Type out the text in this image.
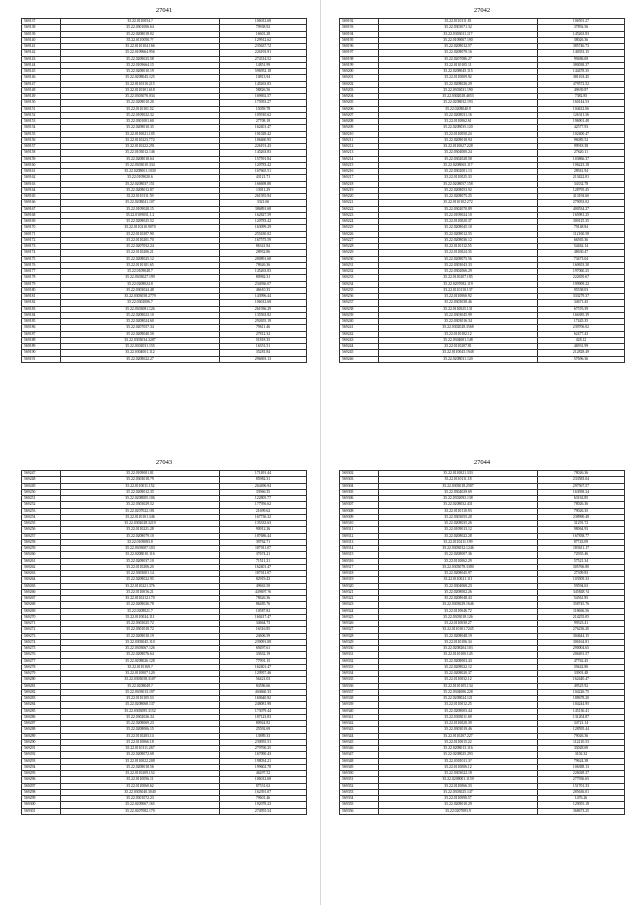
27041
569137	35.22.0110054.?	106012.68
569138	35.22.0301006.64	79938.92
569139	35.22.0208018.02	16601.28
569140	35.22.0110050.??	129912.62
569141	35.22.0110104.166	235637.72
569142	35.22.0109664.956	226193.91
569143	35.22.0208025.58	274314.52
569144	35.22.0109664.15	14851.99
569145	35.22.0208010.19	596952.18
569146	35.22.0208045.125	10813.94
569147	35.22.0110310.215	145263.83
569148	35.22.0110301.618	58826.56
569149	35.22.0303070.034	169692.57
569150	35.22.0208010.20	175953.27
569151	35.22.0110101.52	15059.78
569152	35.22.0109022.32	105910.62
569153	35.22.0301001.60	27708.18
569154	35.22.0208010.35	162401.47
569155	35.22.0110021.105	101028.42
569156	35.22.0110223.772	106460.95
569157	35.22.0110222.291	226191.43
569158	35.22.0103012.146	145263.83
569159	35.22.0208018.64	157591.84
569160	35.22.0303010.334	120783.42
569161	35.22.0208001.1030	167665.51
569162	35.22.0109020.6	43121.71
569163	35.22.0208037.151	166698.88
569164	35.22.0208012.87	13011.29
569165	35.22.0110111.59	261955.94
569166	35.22.0208041.107	3321.60
569167	35.22.0109028.15	386891.68
569168	35.22.0109031.1.2	162827.59
569169	35.22.0208025.52	120783.42
569170	35.22.0110210.9070	163099.29
569171	35.22.0110207.90	255430.02
569172	35.22.0110201.70	167575.59
569173	35.22.0207052.24	86341.84
569174	35.22.0110206.21	28952.86
569175	35.22.0208025.12	280891.68
569176	35.22.0110101.65	78626.36
569177	35.22.0109048.7	145263.83
569178	35.22.0303027.199	80982.31
569179	35.22.0208024.8	234936.07
569180	35.22.0303024.48	46610.35
569181	35.22.0303058.2779	143996.44
569182	35.22.0302006.7	106012.68
569183	35.22.0303081.126	261936.29
569184	35.22.0208023.10	135563.82
569185	35.22.0208024.60	292655.19
569186	35.22.0207057.34	79611.46
569187	35.22.0208040.50	27812.32
569188	35.22.0303034.3287	51818.35
569189	35.22.0302031.155	16351.51
569190	35.22.0304001.112	35281.84
569191	35.22.0208022.27	296693.13
27042
569192	35.22.0110111.81	106591.27
569193	35.22.0303071.32	37892.56
569194	35.22.0303011.117	145263.83
569195	35.22.0109007.190	38026.36
569196	35.22.0208012.57	385746.73
569197	35.22.0208078.16	140353.15
569198	35.22.0207086.27	99486.69
569199	35.22.0110105.11	380038.37
569200	35.22.0208045.115	144478.35
569201	35.22.0110009.92	381163.45
569202	35.22.0208026.29	479572.52
569203	35.22.0303031.190	49639.87
569204	35.22.0302028.4653	7382.85
569205	35.22.0208032.193	160144.53
569206	35.22.0208040.9	104612.06
569207	35.22.0208031.16	126311.56
569208	35.22.0110062.61	196901.48
569209	35.22.0208035.120	42577.93
569210	35.22.0110050.24	102400.47
569211	35.22.0208018.94	96085.52
569212	35.22.0110027.228	99918.38
569213	35.22.0304000.24	27620.11
569214	35.22.0302028.58	103866.37
569215	35.22.0208065.117	106223.18
569216	35.22.0302001.13	28941.94
569217	35.22.0110025.33	213422.81
569218	35.22.0208057.158	34332.78
569219	35.22.0208053.92	128795.45
569220	35.22.0208075.25	413194.60
569221	35.22.0110102.272	279053.02
569222	35.22.0302070.89	400534.27
569223	35.22.0109024.10	165981.25
569224	35.22.0110020.37	300125.35
569225	35.22.0208045.10	79148.84
569226	35.22.0208012.55	112160.58
569227	35.22.0208036.12	66565.36
569228	35.22.0110112.55	54462.14
569229	35.22.0110024.35	48630.47
569230	35.22.0208075.56	73473.04
569231	35.22.0303043.33	160653.30
569232	35.22.0302066.29	197060.25
569233	35.22.0110207.185	222659.67
569234	35.22.0207082.119	199909.22
569235	35.22.0110110.137	95538.03
569236	35.22.0110060.92	333279.37
569237	35.22.0303038.46	34671.45
569238	35.22.0110025.131	67576.39
569239	35.22.0303045.99	166385.39
569240	35.22.0303016.34	17445.35
569241	35.22.0302028.3568	239706.02
569242	35.22.0110102.12	62477.43
569243	35.22.0304001.148	428.12
569244	35.22.0110207.81	46931.99
569245	35.22.0110043.1948	212828.49
569246	35.22.0208031.120	57696.36
27043
569247	35.22.0109001.81	171491.44
569248	35.22.0303018.79	85982.31
569249	35.22.0110011.152	264496.94
569250	35.22.0208012.35	33966.35
569251	35.22.0208005.106	122805.77
569252	35.22.0303029.52	177956.62
569253	35.22.0207022.181	21699.62
569254	35.22.0110101.346	167736.32
569255	35.22.0302028.3219	135333.63
569256	35.22.0110221.28	90912.26
569257	35.22.0208079.10	187686.44
569258	35.22.0109083.8	39762.71
569259	35.22.0303007.103	187011.07
569260	35.22.0208010.116	37674.21
569261	35.22.0208037.10	71511.21
569262	35.22.0110206.20	162401.47
569263	35.22.0303001.14	187011.07
569264	35.22.0208022.95	82919.43
569265	35.22.0110221.376	49663.50
569266	35.22.0110016.21	449697.?6
569267	35.22.0110212.170	78626.36
569268	35.22.0208026.78	86485.76
569269	35.22.0208021.7	10587.82
569270	35.22.0110024.111	160417.47
569271	35.22.0303025.72	34664.73
569272	35.22.0301010.72	16316.85
569273	35.22.0208010.19	24606.59
569274	35.22.0303045.110	239091.08
569275	35.22.0303067.126	69497.61
569276	35.22.0208076.64	33632.19
569277	35.22.0208026.128	77991.15
569278	35.22.0110169.?	162401.47
569279	35.22.0110007.120	129957.46
569280	35.22.0303058.3107	56421.03
569281	35.22.0208049.?	84586.66
569282	35.22.0303013.197	404660.33
569283	35.22.0110105.53	160640.82
569284	35.22.0208068.137	248081.98
569285	35.22.0303085.3152	173079.44
569286	35.22.0302026.34	187123.83
569287	35.22.0208069.23	80924.82
569288	35.22.0208006.15	25592.69
569289	35.22.0110203.14	13889.33
569290	35.22.0110066.18	230955.51
569291	35.22.0110111.267	279760.25
569292	35.22.0208072.68	167090.43
569293	35.22.0110022.208	198034.21
569294	35.22.0208018.56	199602.78
569295	35.22.0110209.152	46297.52
569296	35.22.0110056.11	106012.68
569297	35.22.0110060.62	87531.62
569298	35.22.0303040.3040	162391.07
569299	35.22.0301072.23	79601.46
569300	35.22.0209067.165	192078.23
569301	35.22.0207082.170	274955.54
27044
569302	35.22.0110021.333	78026.36
569303	35.22.0110111.18	233583.04
569304	35.22.0303018.2587	297567.57
569305	35.22.0304029.69	163058.34
569306	35.22.0302093.138	63163.85
569307	35.22.0208032.431	78026.36
569308	35.22.0110110.93	79026.35
569309	35.22.0303055.20	238990.49
569310	35.22.0208035.26	31291.72
569311	35.22.0109013.12	98064.93
569312	35.22.0208022.28	167838.77
569313	35.22.0110211.199	87743.09
569314	35.22.0303032.1246	183611.17
569315	35.22.0208007.36	72935.46
569316	35.22.0110062.29	57521.34
569317	35.22.0303078.3380	305766.80
569318	35.22.0208045.97	27309.83
569319	35.22.0110021.111	103509.33
569320	35.22.0304068.23	59594.63
569321	35.22.0208002.26	345848.?4
569322	35.22.0208048.43	54561.85
569323	35.22.0303029.1646	358745.76
569324	35.22.0110046.72	118666.56
569325	35.22.0303018.126	214255.05
569326	35.22.0110030.27	99523.41
569327	35.22.0110101.7245	276236.20
569328	35.22.0208048.19	304644.15
569329	35.22.0110106.34	306164.81
569330	35.22.0208204.103	290004.65
569331	35.22.0110100.145	206491.57
569332	35.22.0208003.43	47762.45
569333	35.22.0208022.12	59442.80
569334	35.22.0208020.37	33901.48
569335	35.22.0110032.12	162440.47
569336	35.22.0110105.134	49525.92
569337	35.22.0304006.228	104226.75
569338	35.22.0208024.121	188678.20
569339	35.22.0110012.25	104244.95
569340	35.22.0208003.44	145136.41
569341	35.22.0303011.69	131204.87
569342	35.22.0110020.39	34721.14
569343	35.22.0303019.46	128595.44
569344	35.22.0110207.227	79026.36
569345	35.22.0110015.22	112210.53
569346	35.22.0208013.116	33028.69
569347	35.22.0208025.293	3102.32
569348	35.22.0301011.3?	79624.38
569349	35.22.0110006.12	106388.13
569350	35.22.0303022.18	226028.37
569351	35.22.0208001.1159	277936.65
569352	35.22.0110066.33	151701.33
569353	35.22.0303025.147	285636.01
569354	35.22.0110090.57	1476.26
569355	35.22.0208010.29	129055.18
569356	35.22.0207083.9	368673.25
